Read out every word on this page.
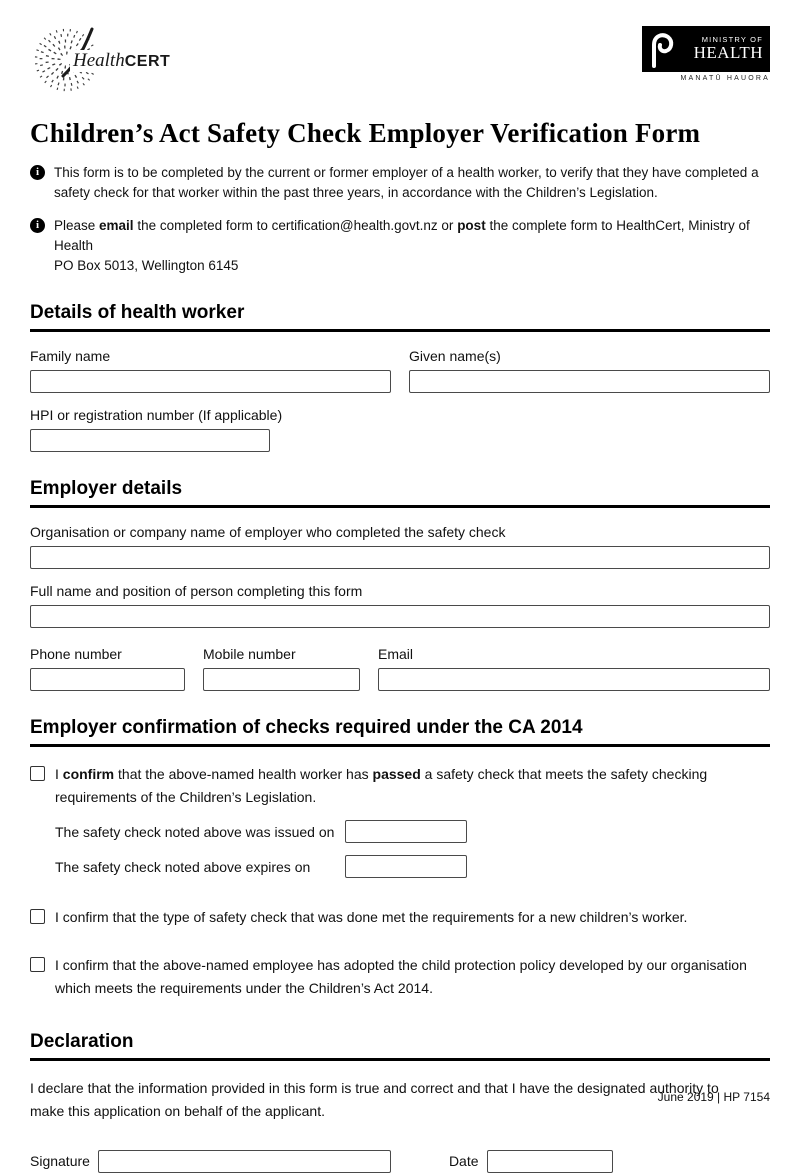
HealthCERT
MINISTRY OF
HEALTH
MANATŪ HAUORA
Children’s Act Safety Check Employer Verification Form
i	This form is to be completed by the current or former employer of a health worker, to verify that they have completed a safety check for that worker within the past three years, in accordance with the Children’s Legislation.
i	Please email the completed form to certification@health.govt.nz or post the complete form to HealthCert, Ministry of Health
PO Box 5013, Wellington 6145
Details of health worker
Family name	Given name(s)
HPI or registration number (If applicable)
Employer details
Organisation or company name of employer who completed the safety check
Full name and position of person completing this form
Phone number	Mobile number	Email
Employer confirmation of checks required under the CA 2014
I confirm that the above-named health worker has passed a safety check that meets the safety checking requirements of the Children’s Legislation.
The safety check noted above was issued on
The safety check noted above expires on
I confirm that the type of safety check that was done met the requirements for a new children’s worker.
I confirm that the above-named employee has adopted the child protection policy developed by our organisation which meets the requirements under the Children’s Act 2014.
Declaration

I declare that the information provided in this form is true and correct and that I have the designated authority to make this application on behalf of the applicant.

Signature	Date
June 2019 | HP 7154
